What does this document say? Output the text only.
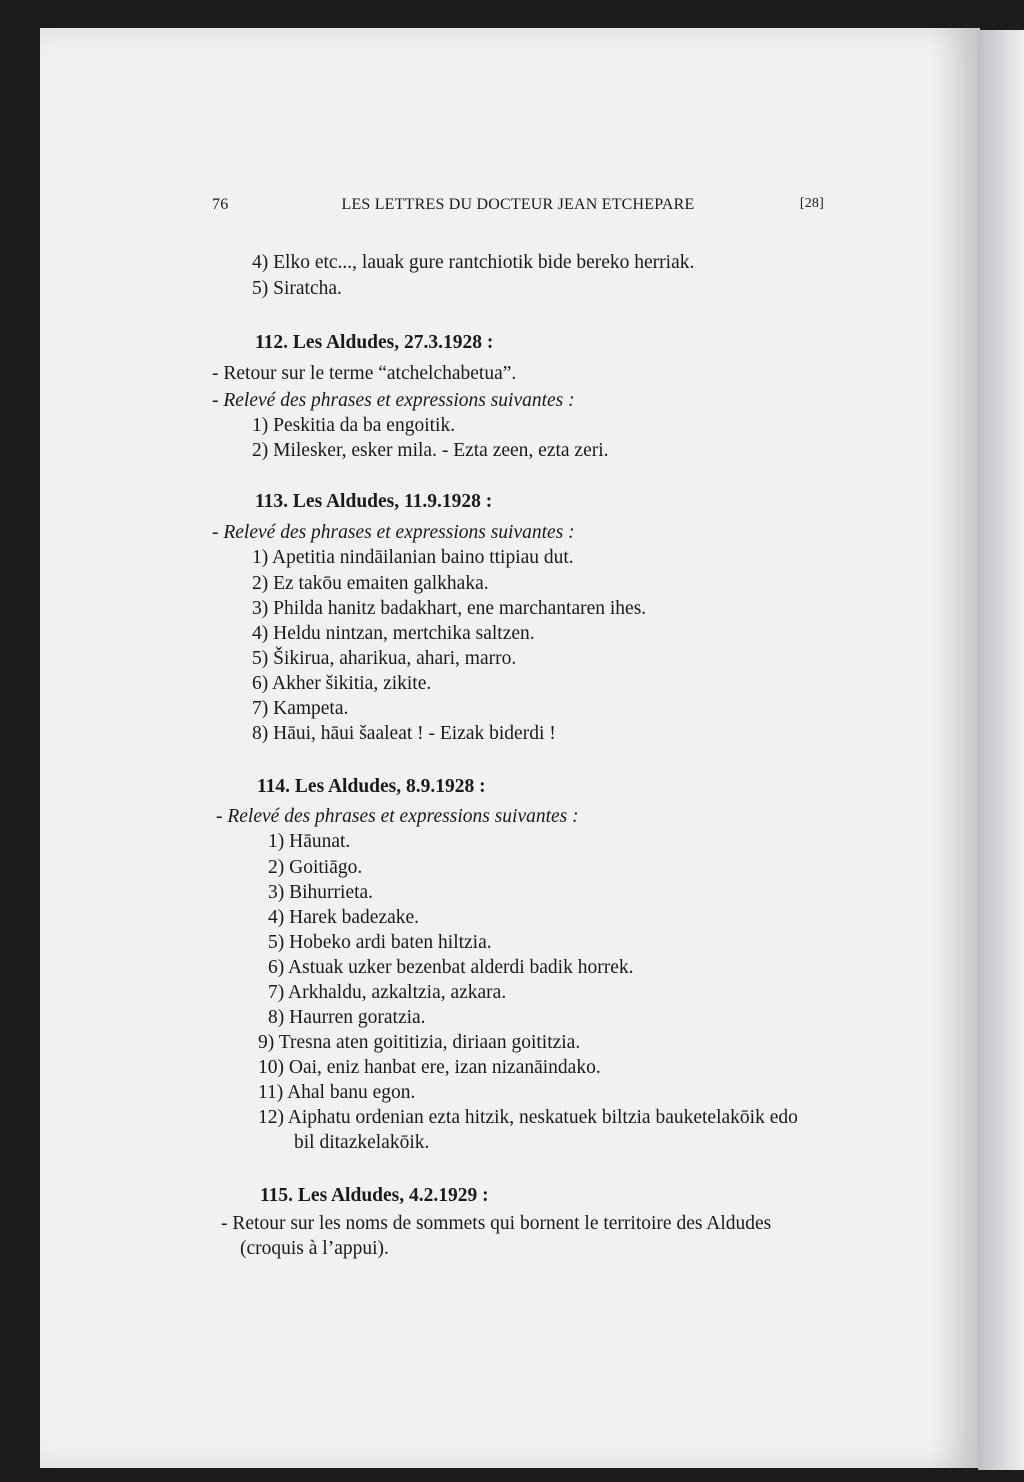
76	LES LETTRES DU DOCTEUR JEAN ETCHEPARE	[28]
4) Elko etc..., lauak gure rantchiotik bide bereko herriak.
5) Siratcha.
112. Les Aldudes, 27.3.1928 :
- Retour sur le terme “atchelchabetua”.
- Relevé des phrases et expressions suivantes :
1) Peskitia da ba engoitik.
2) Milesker, esker mila. - Ezta zeen, ezta zeri.
113. Les Aldudes, 11.9.1928 :
- Relevé des phrases et expressions suivantes :
1) Apetitia nindāilanian baino ttipiau dut.
2) Ez takōu emaiten galkhaka.
3) Philda hanitz badakhart, ene marchantaren ihes.
4) Heldu nintzan, mertchika saltzen.
5) Šikirua, aharikua, ahari, marro.
6) Akher šikitia, zikite.
7) Kampeta.
8) Hāui, hāui šaaleat ! - Eizak biderdi !
114. Les Aldudes, 8.9.1928 :
- Relevé des phrases et expressions suivantes :
1) Hāunat.
2) Goitiāgo.
3) Bihurrieta.
4) Harek badezake.
5) Hobeko ardi baten hiltzia.
6) Astuak uzker bezenbat alderdi badik horrek.
7) Arkhaldu, azkaltzia, azkara.
8) Haurren goratzia.
9) Tresna aten goititizia, diriaan goititzia.
10) Oai, eniz hanbat ere, izan nizanāindako.
11) Ahal banu egon.
12) Aiphatu ordenian ezta hitzik, neskatuek biltzia bauketelakōik edo
bil ditazkelakōik.
115. Les Aldudes, 4.2.1929 :
- Retour sur les noms de sommets qui bornent le territoire des Aldudes
(croquis à l’appui).
